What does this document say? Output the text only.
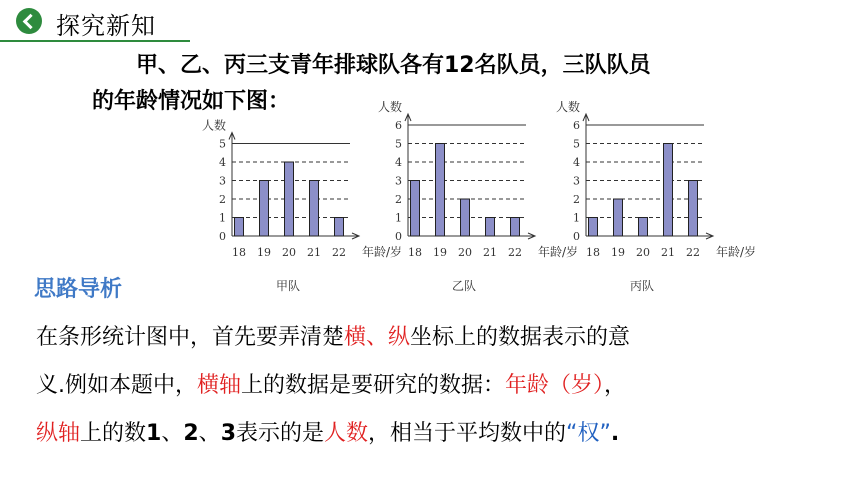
探究新知

甲、乙、丙三支青年排球队各有12名队员，三队队员

的年龄情况如下图：

0
1
2
3
4
5
人数
18 19 20 21 22 年龄/岁
甲队
0
1
2
3
4
5
6
人数
18 19 20 21 22 年龄/岁
乙队
0
1
2
3
4
5
6
人数
18 19 20 21 22 年龄/岁
丙队
思路导析

在条形统计图中，首先要弄清楚横、纵坐标上的数据表示的意

义.例如本题中，横轴上的数据是要研究的数据：年龄（岁），

纵轴上的数1、2、3表示的是人数，相当于平均数中的“权”.
